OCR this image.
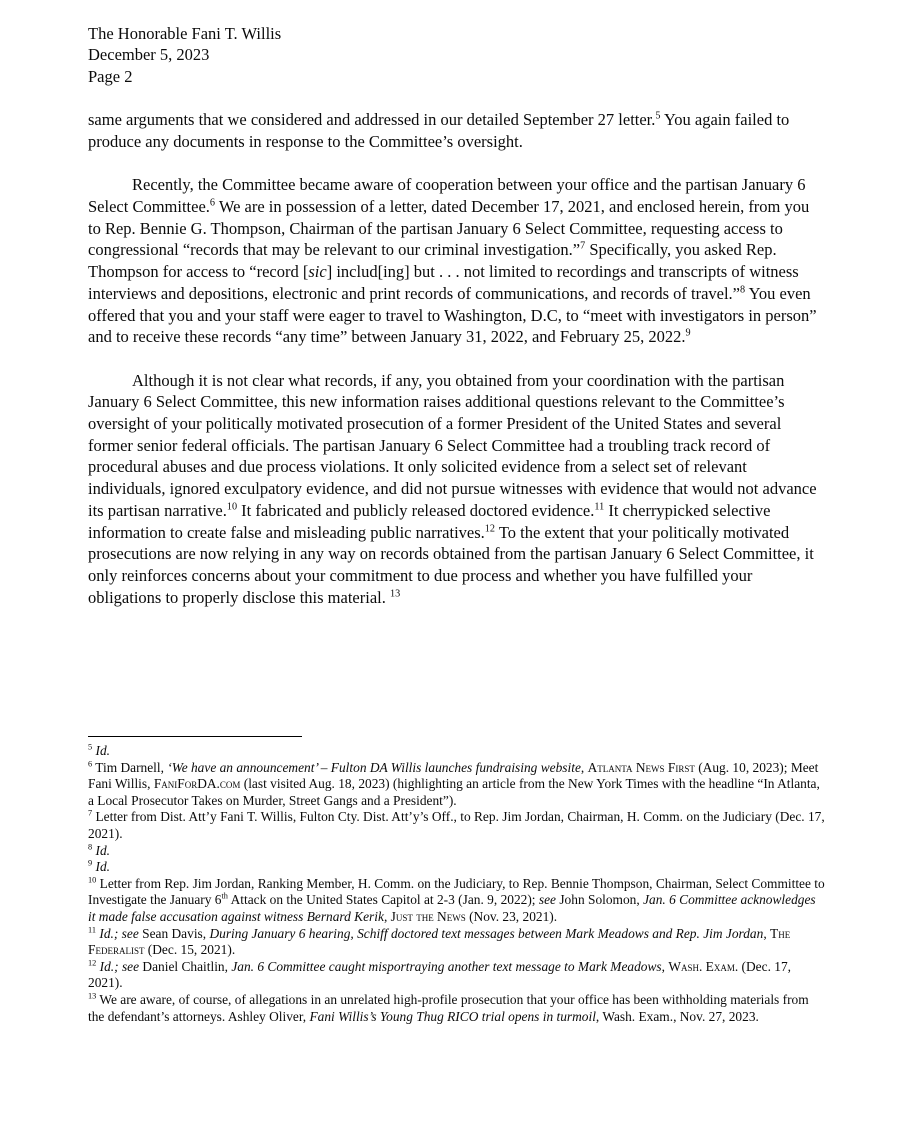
The Honorable Fani T. Willis
December 5, 2023
Page 2

same arguments that we considered and addressed in our detailed September 27 letter.$^5$ You again failed to produce any documents in response to the Committee’s oversight.

Recently, the Committee became aware of cooperation between your office and the partisan January 6 Select Committee.$^6$ We are in possession of a letter, dated December 17, 2021, and enclosed herein, from you to Rep. Bennie G. Thompson, Chairman of the partisan January 6 Select Committee, requesting access to congressional “records that may be relevant to our criminal investigation.”$^7$ Specifically, you asked Rep. Thompson for access to “record [sic] includ[ing] but . . . not limited to recordings and transcripts of witness interviews and depositions, electronic and print records of communications, and records of travel.”$^8$ You even offered that you and your staff were eager to travel to Washington, D.C, to “meet with investigators in person” and to receive these records “any time” between January 31, 2022, and February 25, 2022.$^9$

Although it is not clear what records, if any, you obtained from your coordination with the partisan January 6 Select Committee, this new information raises additional questions relevant to the Committee’s oversight of your politically motivated prosecution of a former President of the United States and several former senior federal officials. The partisan January 6 Select Committee had a troubling track record of procedural abuses and due process violations. It only solicited evidence from a select set of relevant individuals, ignored exculpatory evidence, and did not pursue witnesses with evidence that would not advance its partisan narrative.$^{10}$ It fabricated and publicly released doctored evidence.$^{11}$ It cherrypicked selective information to create false and misleading public narratives.$^{12}$ To the extent that your politically motivated prosecutions are now relying in any way on records obtained from the partisan January 6 Select Committee, it only reinforces concerns about your commitment to due process and whether you have fulfilled your obligations to properly disclose this material. $^{13}$

$^5$ Id.
$^6$ Tim Darnell, ‘We have an announcement’ – Fulton DA Willis launches fundraising website, Atlanta News First (Aug. 10, 2023); Meet Fani Willis, FaniForDA.com (last visited Aug. 18, 2023) (highlighting an article from the New York Times with the headline “In Atlanta, a Local Prosecutor Takes on Murder, Street Gangs and a President”).
$^7$ Letter from Dist. Att’y Fani T. Willis, Fulton Cty. Dist. Att’y’s Off., to Rep. Jim Jordan, Chairman, H. Comm. on the Judiciary (Dec. 17, 2021).
$^8$ Id.
$^9$ Id.
$^{10}$ Letter from Rep. Jim Jordan, Ranking Member, H. Comm. on the Judiciary, to Rep. Bennie Thompson, Chairman, Select Committee to Investigate the January 6th Attack on the United States Capitol at 2-3 (Jan. 9, 2022); see John Solomon, Jan. 6 Committee acknowledges it made false accusation against witness Bernard Kerik, Just the News (Nov. 23, 2021).
$^{11}$ Id.; see Sean Davis, During January 6 hearing, Schiff doctored text messages between Mark Meadows and Rep. Jim Jordan, The Federalist (Dec. 15, 2021).
$^{12}$ Id.; see Daniel Chaitlin, Jan. 6 Committee caught misportraying another text message to Mark Meadows, Wash. Exam. (Dec. 17, 2021).
$^{13}$ We are aware, of course, of allegations in an unrelated high-profile prosecution that your office has been withholding materials from the defendant’s attorneys. Ashley Oliver, Fani Willis’s Young Thug RICO trial opens in turmoil, Wash. Exam., Nov. 27, 2023.
